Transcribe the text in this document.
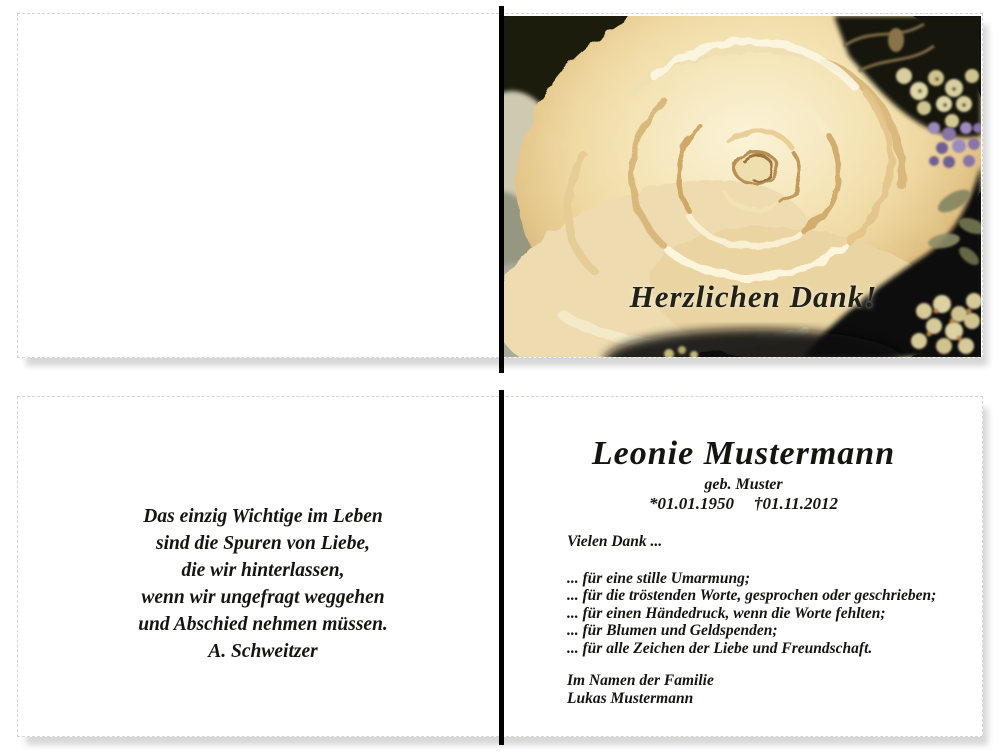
Herzlichen Dank!
Das einzig Wichtige im Leben
sind die Spuren von Liebe,
die wir hinterlassen,
wenn wir ungefragt weggehen
und Abschied nehmen müssen.
A. Schweitzer
Leonie Mustermann
geb. Muster
*01.01.1950 †01.11.2012
Vielen Dank ...
... für eine stille Umarmung;
... für die tröstenden Worte, gesprochen oder geschrieben;
... für einen Händedruck, wenn die Worte fehlten;
... für Blumen und Geldspenden;
... für alle Zeichen der Liebe und Freundschaft.
Im Namen der Familie
Lukas Mustermann
